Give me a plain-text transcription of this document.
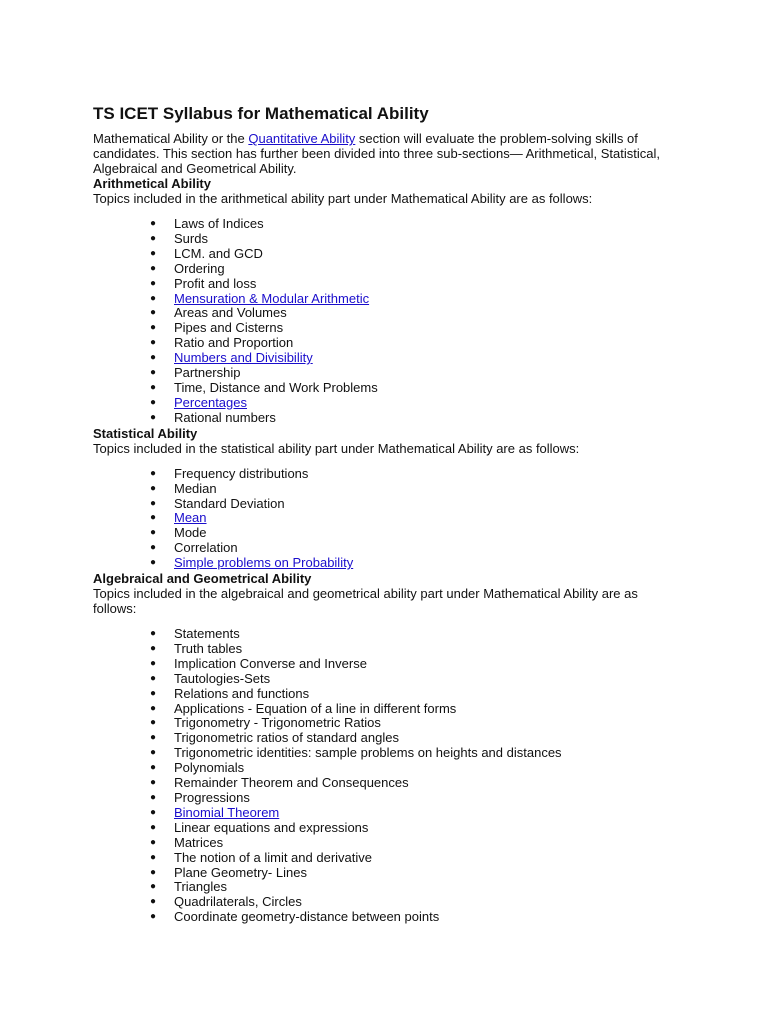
TS ICET Syllabus for Mathematical Ability

Mathematical Ability or the Quantitative Ability section will evaluate the problem-solving skills of candidates. This section has further been divided into three sub-sections— Arithmetical, Statistical, Algebraical and Geometrical Ability.

Arithmetical Ability

Topics included in the arithmetical ability part under Mathematical Ability are as follows:

● Laws of Indices
● Surds
● LCM. and GCD
● Ordering
● Profit and loss
● Mensuration & Modular Arithmetic
● Areas and Volumes
● Pipes and Cisterns
● Ratio and Proportion
● Numbers and Divisibility
● Partnership
● Time, Distance and Work Problems
● Percentages
● Rational numbers
Statistical Ability

Topics included in the statistical ability part under Mathematical Ability are as follows:

● Frequency distributions
● Median
● Standard Deviation
● Mean
● Mode
● Correlation
● Simple problems on Probability
Algebraical and Geometrical Ability

Topics included in the algebraical and geometrical ability part under Mathematical Ability are as follows:

● Statements
● Truth tables
● Implication Converse and Inverse
● Tautologies-Sets
● Relations and functions
● Applications - Equation of a line in different forms
● Trigonometry - Trigonometric Ratios
● Trigonometric ratios of standard angles
● Trigonometric identities: sample problems on heights and distances
● Polynomials
● Remainder Theorem and Consequences
● Progressions
● Binomial Theorem
● Linear equations and expressions
● Matrices
● The notion of a limit and derivative
● Plane Geometry- Lines
● Triangles
● Quadrilaterals, Circles
● Coordinate geometry-distance between points
